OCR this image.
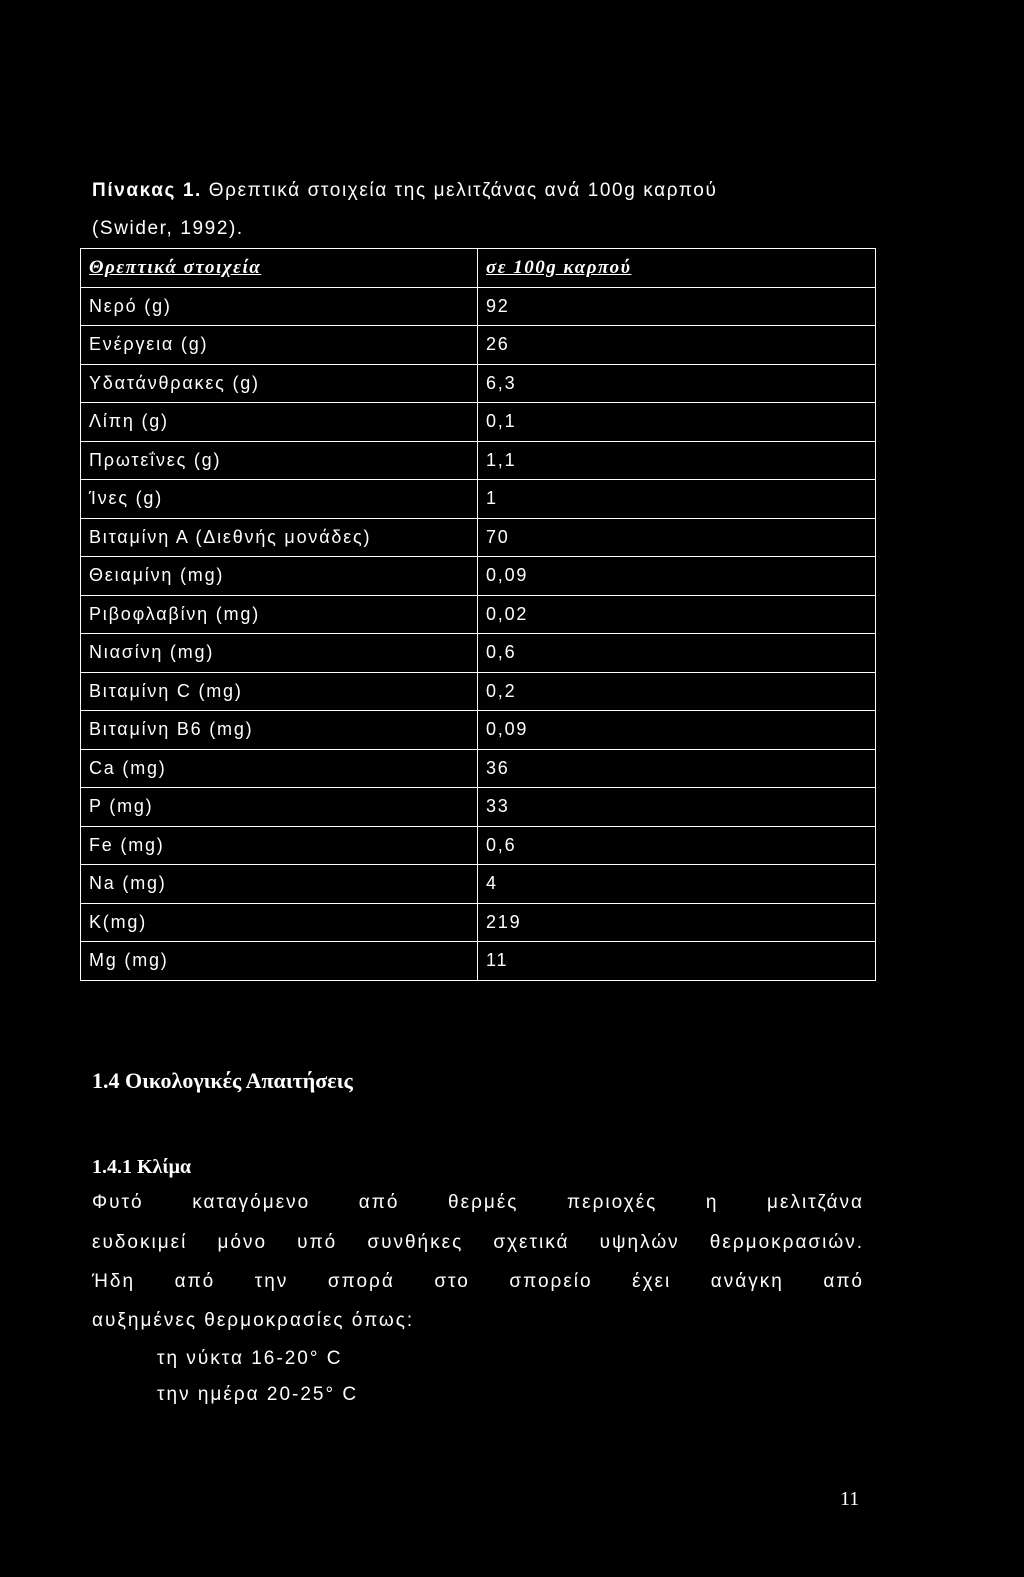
Πίνακας 1. Θρεπτικά στοιχεία της μελιτζάνας ανά 100g καρπού
(Swider, 1992).
Θρεπτικά στοιχεία	σε 100g καρπού
Νερό (g)	92
Ενέργεια (g)	26
Υδατάνθρακες (g)	6,3
Λίπη (g)	0,1
Πρωτεΐνες (g)	1,1
Ίνες (g)	1
Βιταμίνη Α (Διεθνής μονάδες)	70
Θειαμίνη (mg)	0,09
Ριβοφλαβίνη (mg)	0,02
Νιασίνη (mg)	0,6
Βιταμίνη C (mg)	0,2
Βιταμίνη Β6 (mg)	0,09
Ca (mg)	36
P (mg)	33
Fe (mg)	0,6
Na (mg)	4
K(mg)	219
Mg (mg)	11
1.4 Οικολογικές Απαιτήσεις
1.4.1 Κλίμα
Φυτό καταγόμενο από θερμές περιοχές η μελιτζάνα
ευδοκιμεί μόνο υπό συνθήκες σχετικά υψηλών θερμοκρασιών.
Ήδη από την σπορά στο σπορείο έχει ανάγκη από
αυξημένες θερμοκρασίες όπως:
τη νύκτα 16-20° C
την ημέρα 20-25° C
11
